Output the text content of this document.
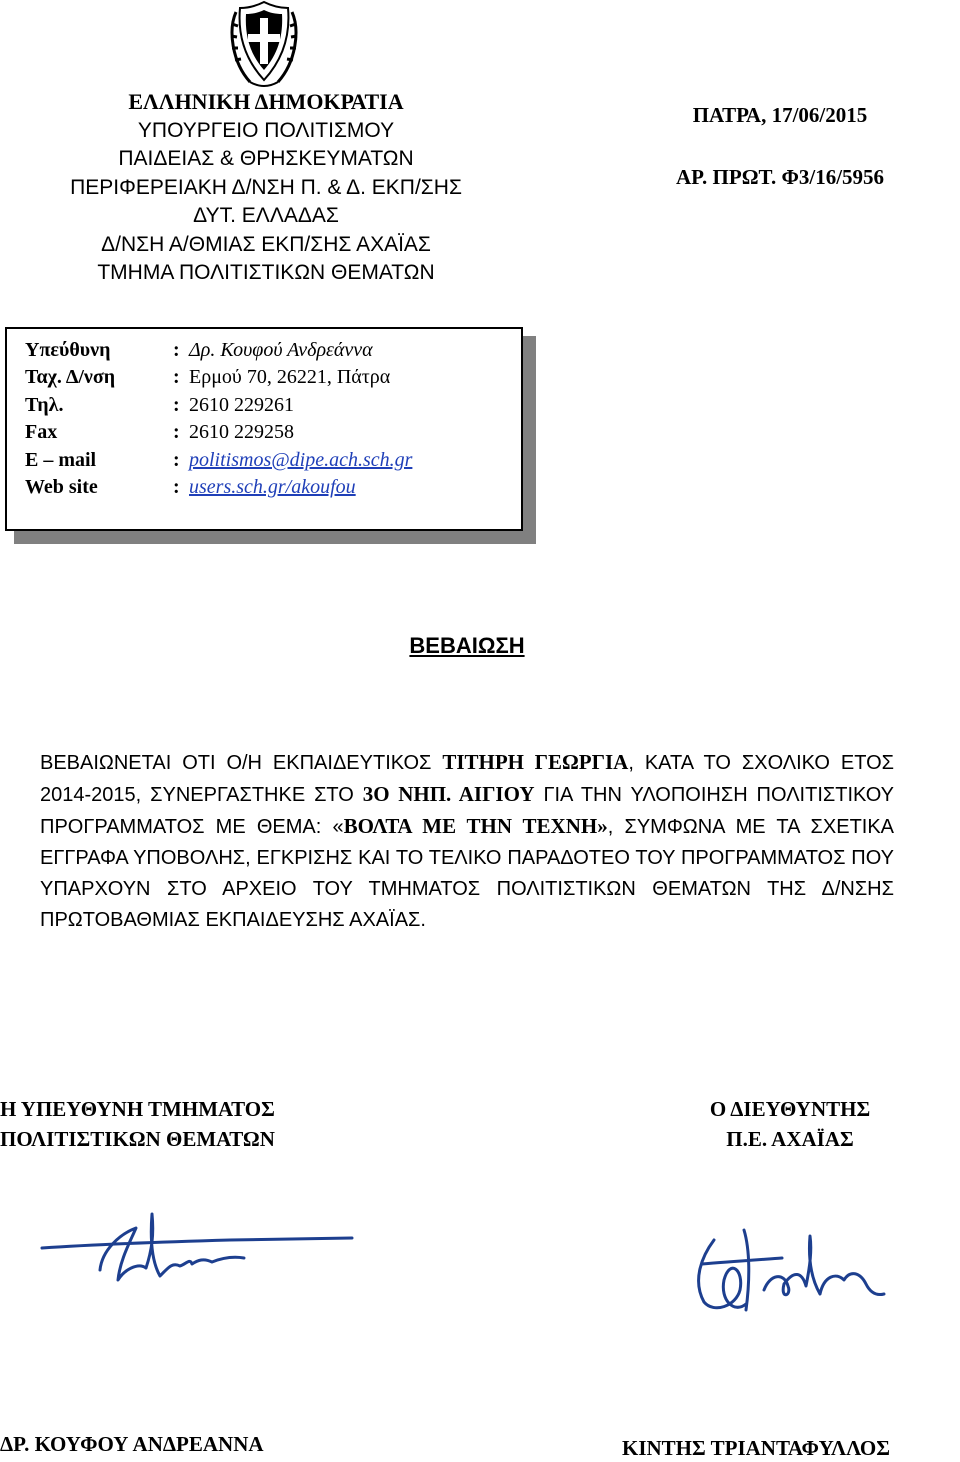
ΕΛΛΗΝΙΚΗ ΔΗΜΟΚΡΑΤΙΑ
ΥΠΟΥΡΓΕΙΟ ΠΟΛΙΤΙΣΜΟΥ
ΠΑΙΔΕΙΑΣ & ΘΡΗΣΚΕΥΜΑΤΩΝ
ΠΕΡΙΦΕΡΕΙΑΚΗ Δ/ΝΣΗ Π. & Δ. ΕΚΠ/ΣΗΣ
ΔΥΤ. ΕΛΛΑΔΑΣ
Δ/ΝΣΗ Α/ΘΜΙΑΣ ΕΚΠ/ΣΗΣ ΑΧΑΪΑΣ
ΤΜΗΜΑ ΠΟΛΙΤΙΣΤΙΚΩΝ ΘΕΜΑΤΩΝ
ΠΑΤΡΑ, 17/06/2015
ΑΡ. ΠΡΩΤ. Φ3/16/5956
Υπεύθυνη	: Δρ. Κουφού Ανδρεάννα
Ταχ. Δ/νση	: Ερμού 70, 26221, Πάτρα
Τηλ.	: 2610 229261
Fax	: 2610 229258
E – mail	: politismos@dipe.ach.sch.gr
Web site	: users.sch.gr/akoufou
ΒΕΒΑΙΩΣΗ
ΒΕΒΑΙΩΝΕΤΑΙ ΟΤΙ Ο/Η ΕΚΠΑΙΔΕΥΤΙΚΟΣ ΤΙΤΗΡΗ ΓΕΩΡΓΙΑ, ΚΑΤΑ ΤΟ ΣΧΟΛΙΚΟ ΕΤΟΣ 2014-2015, ΣΥΝΕΡΓΑΣΤΗΚΕ ΣΤΟ 3Ο ΝΗΠ. ΑΙΓΙΟΥ ΓΙΑ ΤΗΝ ΥΛΟΠΟΙΗΣΗ ΠΟΛΙΤΙΣΤΙΚΟΥ ΠΡΟΓΡΑΜΜΑΤΟΣ ΜΕ ΘΕΜΑ: «ΒΟΛΤΑ ΜΕ ΤΗΝ ΤΕΧΝΗ», ΣΥΜΦΩΝΑ ΜΕ ΤΑ ΣΧΕΤΙΚΑ ΕΓΓΡΑΦΑ ΥΠΟΒΟΛΗΣ, ΕΓΚΡΙΣΗΣ ΚΑΙ ΤΟ ΤΕΛΙΚΟ ΠΑΡΑΔΟΤΕΟ ΤΟΥ ΠΡΟΓΡΑΜΜΑΤΟΣ ΠΟΥ ΥΠΑΡΧΟΥΝ ΣΤΟ ΑΡΧΕΙΟ ΤΟΥ ΤΜΗΜΑΤΟΣ ΠΟΛΙΤΙΣΤΙΚΩΝ ΘΕΜΑΤΩΝ ΤΗΣ Δ/ΝΣΗΣ ΠΡΩΤΟΒΑΘΜΙΑΣ ΕΚΠΑΙΔΕΥΣΗΣ ΑΧΑΪΑΣ.
Η ΥΠΕΥΘΥΝΗ ΤΜΗΜΑΤΟΣ
ΠΟΛΙΤΙΣΤΙΚΩΝ ΘΕΜΑΤΩΝ
Ο ΔΙΕΥΘΥΝΤΗΣ
Π.Ε. ΑΧΑΪΑΣ
ΔΡ. ΚΟΥΦΟΥ ΑΝΔΡΕΑΝΝΑ	ΚΙΝΤΗΣ ΤΡΙΑΝΤΑΦΥΛΛΟΣ
